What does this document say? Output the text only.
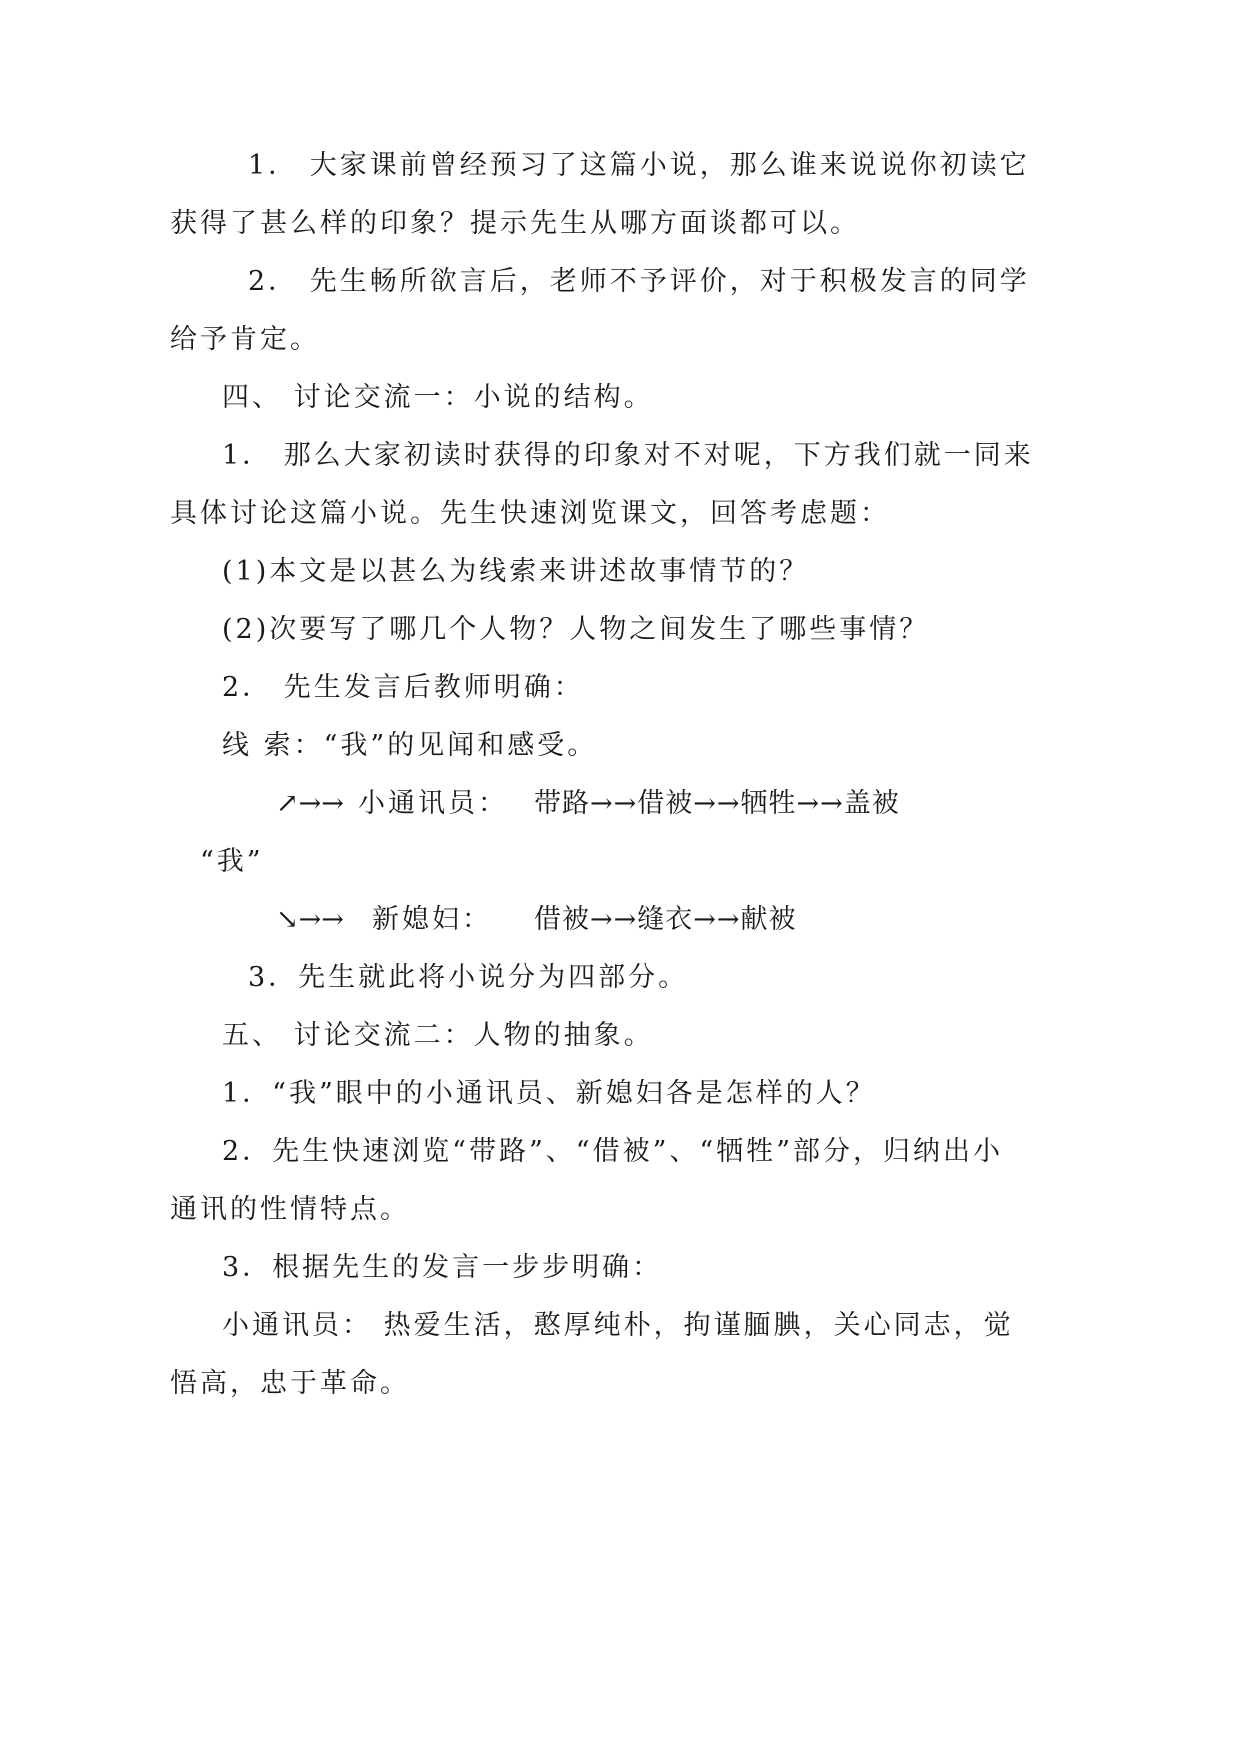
1． 大家课前曾经预习了这篇小说，那么谁来说说你初读它
获得了甚么样的印象？提示先生从哪方面谈都可以。
2． 先生畅所欲言后，老师不予评价，对于积极发言的同学
给予肯定。
四、 讨论交流一：小说的结构。
1． 那么大家初读时获得的印象对不对呢，下方我们就一同来
具体讨论这篇小说。先生快速浏览课文，回答考虑题：
(1)本文是以甚么为线索来讲述故事情节的？
(2)次要写了哪几个人物？人物之间发生了哪些事情？
2． 先生发言后教师明确：
线 索：“我”的见闻和感受。
↗→→ 小通讯员： 带路→→借被→→牺牲→→盖被
“我”
↘→→ 新媳妇： 借被→→缝衣→→献被
3．先生就此将小说分为四部分。
五、 讨论交流二：人物的抽象。
1．“我”眼中的小通讯员、新媳妇各是怎样的人？
2．先生快速浏览“带路”、“借被”、“牺牲”部分，归纳出小
通讯的性情特点。
3．根据先生的发言一步步明确：
小通讯员： 热爱生活，憨厚纯朴，拘谨腼腆，关心同志，觉
悟高，忠于革命。
